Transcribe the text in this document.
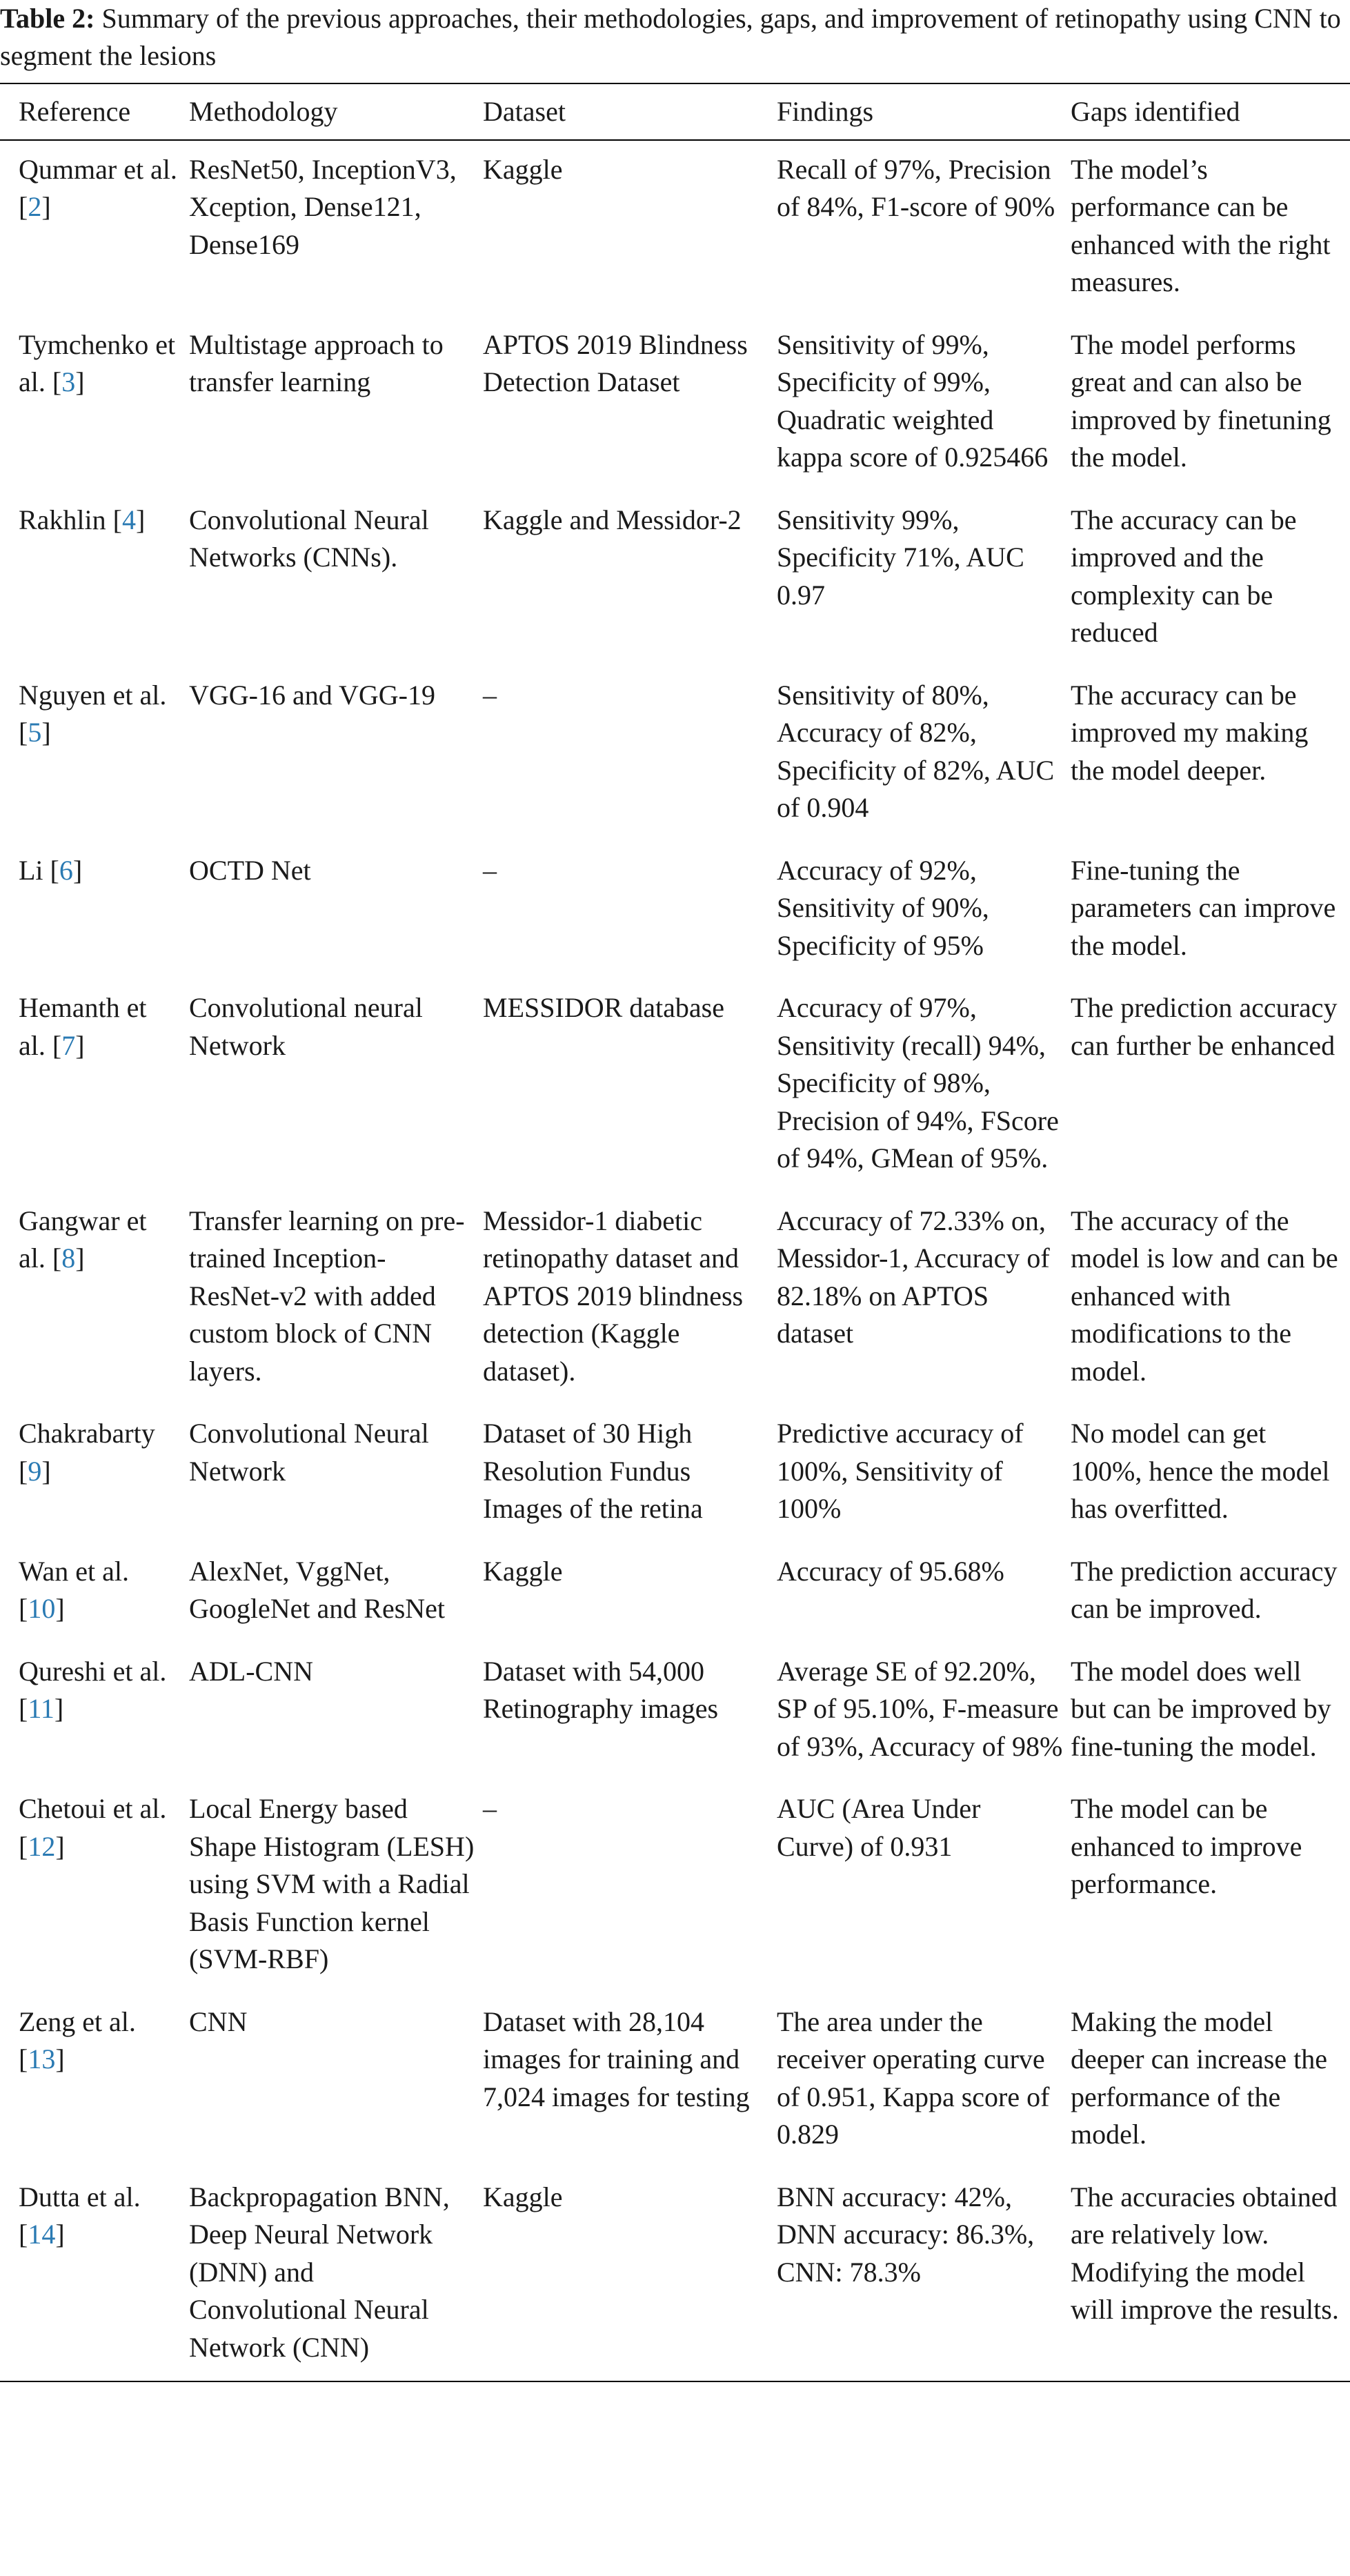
Table 2: Summary of the previous approaches, their methodologies, gaps, and improvement of retinopathy using CNN to segment the lesions
Reference	Methodology	Dataset	Findings	Gaps identified
Qummar et al. [2]	ResNet50, InceptionV3, Xception, Dense121, Dense169	Kaggle	Recall of 97%, Precision of 84%, F1-score of 90%	The model’s performance can be enhanced with the right measures.
Tymchenko et al. [3]	Multistage approach to transfer learning	APTOS 2019 Blindness Detection Dataset	Sensitivity of 99%, Specificity of 99%, Quadratic weighted kappa score of 0.925466	The model performs great and can also be improved by finetuning the model.
Rakhlin [4]	Convolutional Neural Networks (CNNs).	Kaggle and Messidor-2	Sensitivity 99%, Specificity 71%, AUC 0.97	The accuracy can be improved and the complexity can be reduced
Nguyen et al. [5]	VGG-16 and VGG-19	–	Sensitivity of 80%, Accuracy of 82%, Specificity of 82%, AUC of 0.904	The accuracy can be improved my making the model deeper.
Li [6]	OCTD Net	–	Accuracy of 92%, Sensitivity of 90%, Specificity of 95%	Fine-tuning the parameters can improve the model.
Hemanth et al. [7]	Convolutional neural Network	MESSIDOR database	Accuracy of 97%, Sensitivity (recall) 94%, Specificity of 98%, Precision of 94%, FScore of 94%, GMean of 95%.	The prediction accuracy can further be enhanced
Gangwar et al. [8]	Transfer learning on pre-trained Inception-ResNet-v2 with added custom block of CNN layers.	Messidor-1 diabetic retinopathy dataset and APTOS 2019 blindness detection (Kaggle dataset).	Accuracy of 72.33% on, Messidor-1, Accuracy of 82.18% on APTOS dataset	The accuracy of the model is low and can be enhanced with modifications to the model.
Chakrabarty [9]	Convolutional Neural Network	Dataset of 30 High Resolution Fundus Images of the retina	Predictive accuracy of 100%, Sensitivity of 100%	No model can get 100%, hence the model has overfitted.
Wan et al. [10]	AlexNet, VggNet, GoogleNet and ResNet	Kaggle	Accuracy of 95.68%	The prediction accuracy can be improved.
Qureshi et al. [11]	ADL-CNN	Dataset with 54,000 Retinography images	Average SE of 92.20%, SP of 95.10%, F-measure of 93%, Accuracy of 98%	The model does well but can be improved by fine-tuning the model.
Chetoui et al. [12]	Local Energy based Shape Histogram (LESH) using SVM with a Radial Basis Function kernel (SVM-RBF)	–	AUC (Area Under Curve) of 0.931	The model can be enhanced to improve performance.
Zeng et al. [13]	CNN	Dataset with 28,104 images for training and 7,024 images for testing	The area under the receiver operating curve of 0.951, Kappa score of 0.829	Making the model deeper can increase the performance of the model.
Dutta et al. [14]	Backpropagation BNN, Deep Neural Network (DNN) and Convolutional Neural Network (CNN)	Kaggle	BNN accuracy: 42%, DNN accuracy: 86.3%, CNN: 78.3%	The accuracies obtained are relatively low. Modifying the model will improve the results.
